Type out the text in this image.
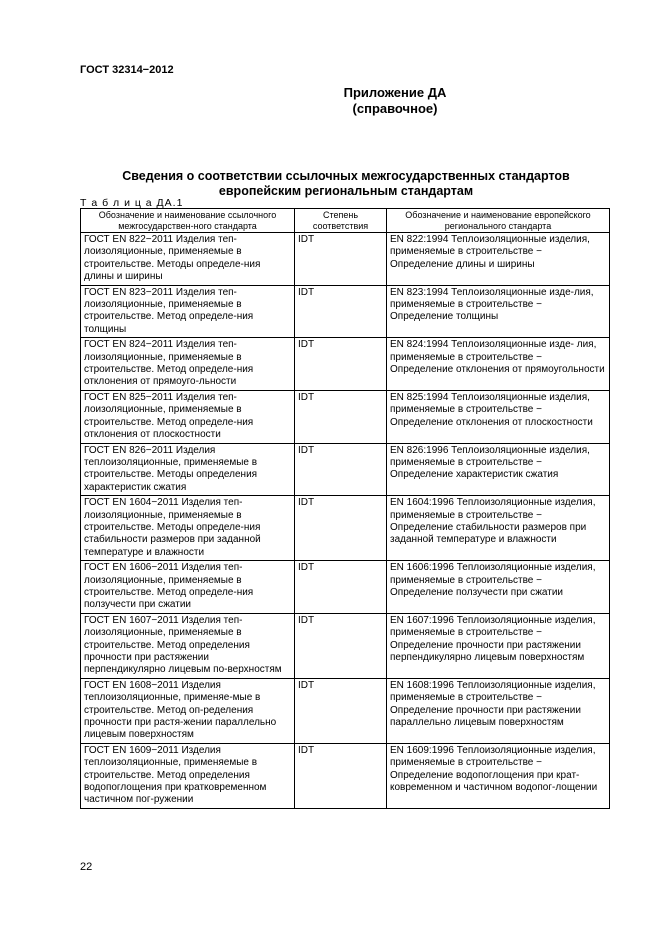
ГОСТ 32314−2012
Приложение ДА
(справочное)
Сведения о соответствии ссылочных межгосударственных стандартов
европейским региональным стандартам
Т а б л и ц а ДА.1
Обозначение и наименование ссылочного межгосударствен-ного стандарта	Степень соответствия	Обозначение и наименование европейского регионального стандарта
ГОСТ EN 822−2011 Изделия теп-лоизоляционные, применяемые в строительстве. Методы определе-ния длины и ширины	IDT	EN 822:1994 Теплоизоляционные изделия, применяемые в строительстве − Определение длины и ширины
ГОСТ EN 823−2011 Изделия теп-лоизоляционные, применяемые в строительстве. Метод определе-ния толщины	IDT	EN 823:1994 Теплоизоляционные изде-лия, применяемые в строительстве − Определение толщины
ГОСТ EN 824−2011 Изделия теп-лоизоляционные, применяемые в строительстве. Метод определе-ния отклонения от прямоуго-льности	IDT	EN 824:1994 Теплоизоляционные изде- лия, применяемые в строительстве − Определение отклонения от прямоугольности
ГОСТ EN 825−2011 Изделия теп-лоизоляционные, применяемые в строительстве. Метод определе-ния отклонения от плоскостности	IDT	EN 825:1994 Теплоизоляционные изделия, применяемые в строительстве − Определение отклонения от плоскостности
ГОСТ EN 826−2011 Изделия теплоизоляционные, применяемые в строительстве. Методы определения характеристик сжатия	IDT	EN 826:1996 Теплоизоляционные изделия, применяемые в строительстве − Определение характеристик сжатия
ГОСТ EN 1604−2011 Изделия теп-лоизоляционные, применяемые в строительстве. Методы определе-ния стабильности размеров при заданной температуре и влажности	IDT	EN 1604:1996 Теплоизоляционные изделия, применяемые в строительстве − Определение стабильности размеров при заданной температуре и влажности
ГОСТ EN 1606−2011 Изделия теп-лоизоляционные, применяемые в строительстве. Метод определе-ния ползучести при сжатии	IDT	EN 1606:1996 Теплоизоляционные изделия, применяемые в строительстве − Определение ползучести при сжатии
ГОСТ EN 1607−2011 Изделия теп-лоизоляционные, применяемые в строительстве. Метод определения прочности при растяжении перпендикулярно лицевым по-верхностям	IDT	EN 1607:1996 Теплоизоляционные изделия, применяемые в строительстве − Определение прочности при растяжении перпендикулярно лицевым поверхностям
ГОСТ EN 1608−2011 Изделия теплоизоляционные, применяе-мые в строительстве. Метод оп-ределения прочности при растя-жении параллельно лицевым поверхностям	IDT	EN 1608:1996 Теплоизоляционные изделия, применяемые в строительстве − Определение прочности при растяжении параллельно лицевым поверхностям
ГОСТ EN 1609−2011 Изделия теплоизоляционные, применяемые в строительстве. Метод определения водопоглощения при кратковременном частичном пог-ружении	IDT	EN 1609:1996 Теплоизоляционные изделия, применяемые в строительстве − Определение водопоглощения при крат-ковременном и частичном водопог-лощении
22
